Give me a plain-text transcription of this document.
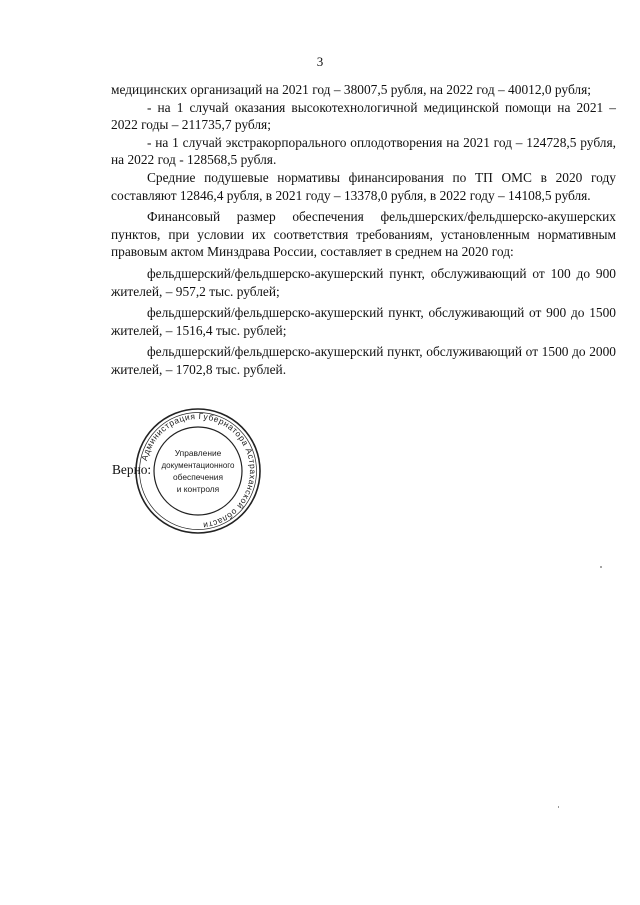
3

медицинских организаций на 2021 год – 38007,5 рубля, на 2022 год – 40012,0 рубля;

- на 1 случай оказания высокотехнологичной медицинской помощи на 2021 – 2022 годы – 211735,7 рубля;

- на 1 случай экстракорпорального оплодотворения на 2021 год – 124728,5 рубля, на 2022 год - 128568,5 рубля.

Средние подушевые нормативы финансирования по ТП ОМС в 2020 году составляют 12846,4 рубля, в 2021 году – 13378,0 рубля, в 2022 году – 14108,5 рубля.

Финансовый размер обеспечения фельдшерских/фельдшерско-акушерских пунктов, при условии их соответствия требованиям, установленным нормативным правовым актом Минздрава России, составляет в среднем на 2020 год:

фельдшерский/фельдшерско-акушерский пункт, обслуживающий от 100 до 900 жителей, – 957,2 тыс. рублей;

фельдшерский/фельдшерско-акушерский пункт, обслуживающий от 900 до 1500 жителей, – 1516,4 тыс. рублей;

фельдшерский/фельдшерско-акушерский пункт, обслуживающий от 1500 до 2000 жителей, – 1702,8 тыс. рублей.

Верно:
Администрация Губернатора Астраханской области
Управление
документационного
обеспечения
и контроля
